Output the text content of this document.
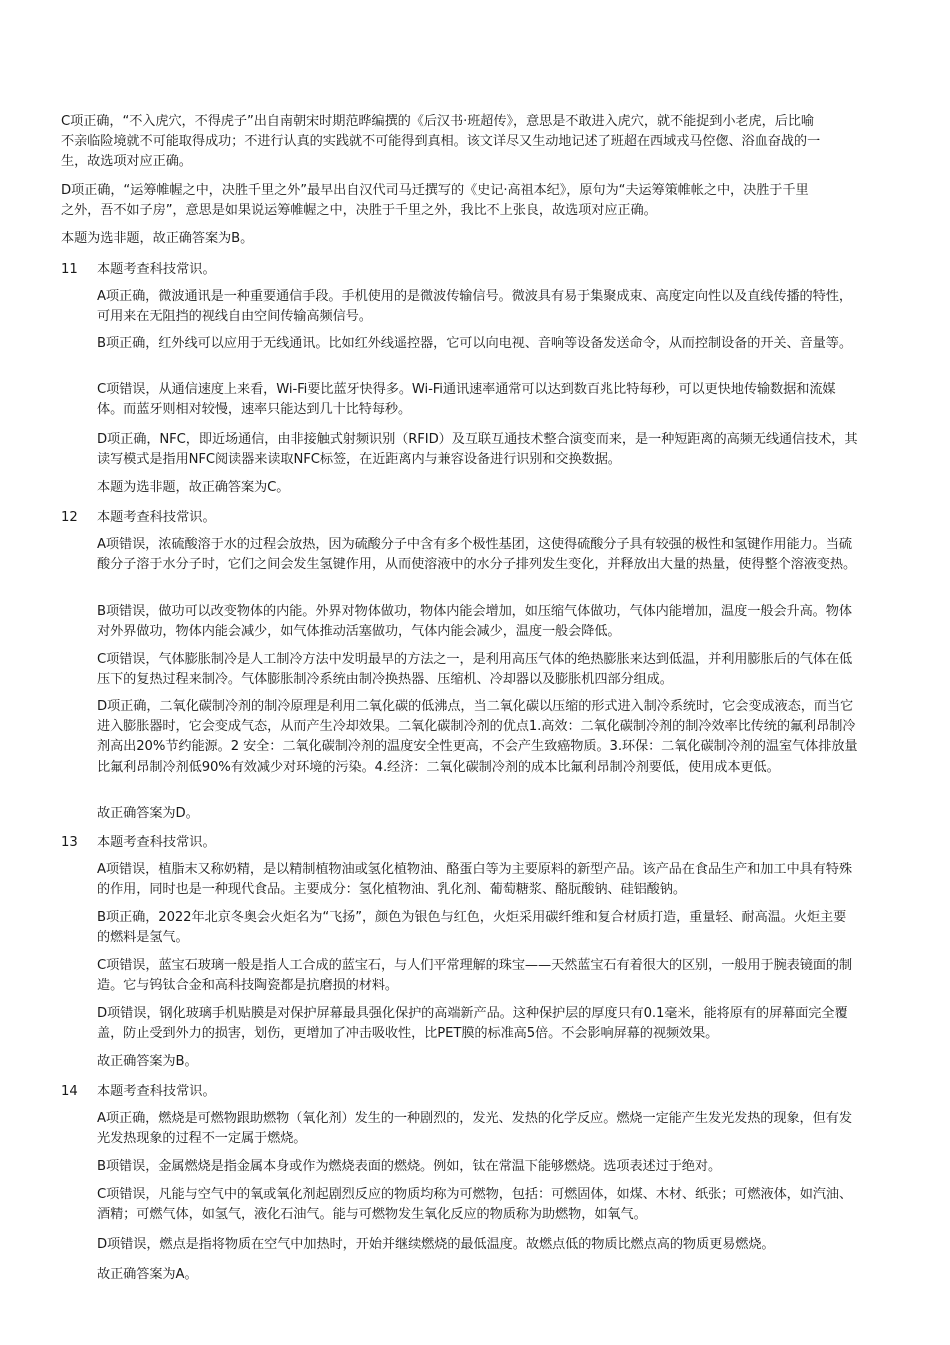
C项正确，“不入虎穴，不得虎子”出自南朝宋时期范晔编撰的《后汉书·班超传》，意思是不敢进入虎穴，就不能捉到小老虎，后比喻不亲临险境就不可能取得成功；不进行认真的实践就不可能得到真相。该文详尽又生动地记述了班超在西域戎马倥偬、浴血奋战的一生，故选项对应正确。

D项正确，“运筹帷幄之中，决胜千里之外”最早出自汉代司马迁撰写的《史记·高祖本纪》，原句为“夫运筹策帷帐之中，决胜于千里之外，吾不如子房”，意思是如果说运筹帷幄之中，决胜于千里之外，我比不上张良，故选项对应正确。

本题为选非题，故正确答案为B。

11 本题考查科技常识。

A项正确，微波通讯是一种重要通信手段。手机使用的是微波传输信号。微波具有易于集聚成束、高度定向性以及直线传播的特性，可用来在无阻挡的视线自由空间传输高频信号。

B项正确，红外线可以应用于无线通讯。比如红外线遥控器，它可以向电视、音响等设备发送命令，从而控制设备的开关、音量等。

C项错误，从通信速度上来看，Wi-Fi要比蓝牙快得多。Wi-Fi通讯速率通常可以达到数百兆比特每秒，可以更快地传输数据和流媒体。而蓝牙则相对较慢，速率只能达到几十比特每秒。

D项正确，NFC，即近场通信，由非接触式射频识别（RFID）及互联互通技术整合演变而来，是一种短距离的高频无线通信技术，其读写模式是指用NFC阅读器来读取NFC标签，在近距离内与兼容设备进行识别和交换数据。

本题为选非题，故正确答案为C。

12 本题考查科技常识。

A项错误，浓硫酸溶于水的过程会放热，因为硫酸分子中含有多个极性基团，这使得硫酸分子具有较强的极性和氢键作用能力。当硫酸分子溶于水分子时，它们之间会发生氢键作用，从而使溶液中的水分子排列发生变化，并释放出大量的热量，使得整个溶液变热。

B项错误，做功可以改变物体的内能。外界对物体做功，物体内能会增加，如压缩气体做功，气体内能增加，温度一般会升高。物体对外界做功，物体内能会减少，如气体推动活塞做功，气体内能会减少，温度一般会降低。

C项错误，气体膨胀制冷是人工制冷方法中发明最早的方法之一，是利用高压气体的绝热膨胀来达到低温，并利用膨胀后的气体在低压下的复热过程来制冷。气体膨胀制冷系统由制冷换热器、压缩机、冷却器以及膨胀机四部分组成。

D项正确，二氧化碳制冷剂的制冷原理是利用二氧化碳的低沸点，当二氧化碳以压缩的形式进入制冷系统时，它会变成液态，而当它进入膨胀器时，它会变成气态，从而产生冷却效果。二氧化碳制冷剂的优点1.高效：二氧化碳制冷剂的制冷效率比传统的氟利昂制冷剂高出20%节约能源。2 安全：二氧化碳制冷剂的温度安全性更高，不会产生致癌物质。3.环保：二氧化碳制冷剂的温室气体排放量比氟利昂制冷剂低90%有效减少对环境的污染。4.经济：二氧化碳制冷剂的成本比氟利昂制冷剂要低，使用成本更低。

故正确答案为D。

13 本题考查科技常识。

A项错误，植脂末又称奶精，是以精制植物油或氢化植物油、酪蛋白等为主要原料的新型产品。该产品在食品生产和加工中具有特殊的作用，同时也是一种现代食品。主要成分：氢化植物油、乳化剂、葡萄糖浆、酪朊酸钠、硅铝酸钠。

B项正确，2022年北京冬奥会火炬名为“飞扬”，颜色为银色与红色，火炬采用碳纤维和复合材质打造，重量轻、耐高温。火炬主要的燃料是氢气。

C项错误，蓝宝石玻璃一般是指人工合成的蓝宝石，与人们平常理解的珠宝——天然蓝宝石有着很大的区别，一般用于腕表镜面的制造。它与钨钛合金和高科技陶瓷都是抗磨损的材料。

D项错误，钢化玻璃手机贴膜是对保护屏幕最具强化保护的高端新产品。这种保护层的厚度只有0.1毫米，能将原有的屏幕面完全覆盖，防止受到外力的损害，划伤，更增加了冲击吸收性，比PET膜的标准高5倍。不会影响屏幕的视频效果。

故正确答案为B。

14 本题考查科技常识。

A项正确，燃烧是可燃物跟助燃物（氧化剂）发生的一种剧烈的，发光、发热的化学反应。燃烧一定能产生发光发热的现象，但有发光发热现象的过程不一定属于燃烧。

B项错误，金属燃烧是指金属本身或作为燃烧表面的燃烧。例如，钛在常温下能够燃烧。选项表述过于绝对。

C项错误，凡能与空气中的氧或氧化剂起剧烈反应的物质均称为可燃物，包括：可燃固体，如煤、木材、纸张；可燃液体，如汽油、酒精；可燃气体，如氢气，液化石油气。能与可燃物发生氧化反应的物质称为助燃物，如氧气。

D项错误，燃点是指将物质在空气中加热时，开始并继续燃烧的最低温度。故燃点低的物质比燃点高的物质更易燃烧。

故正确答案为A。
